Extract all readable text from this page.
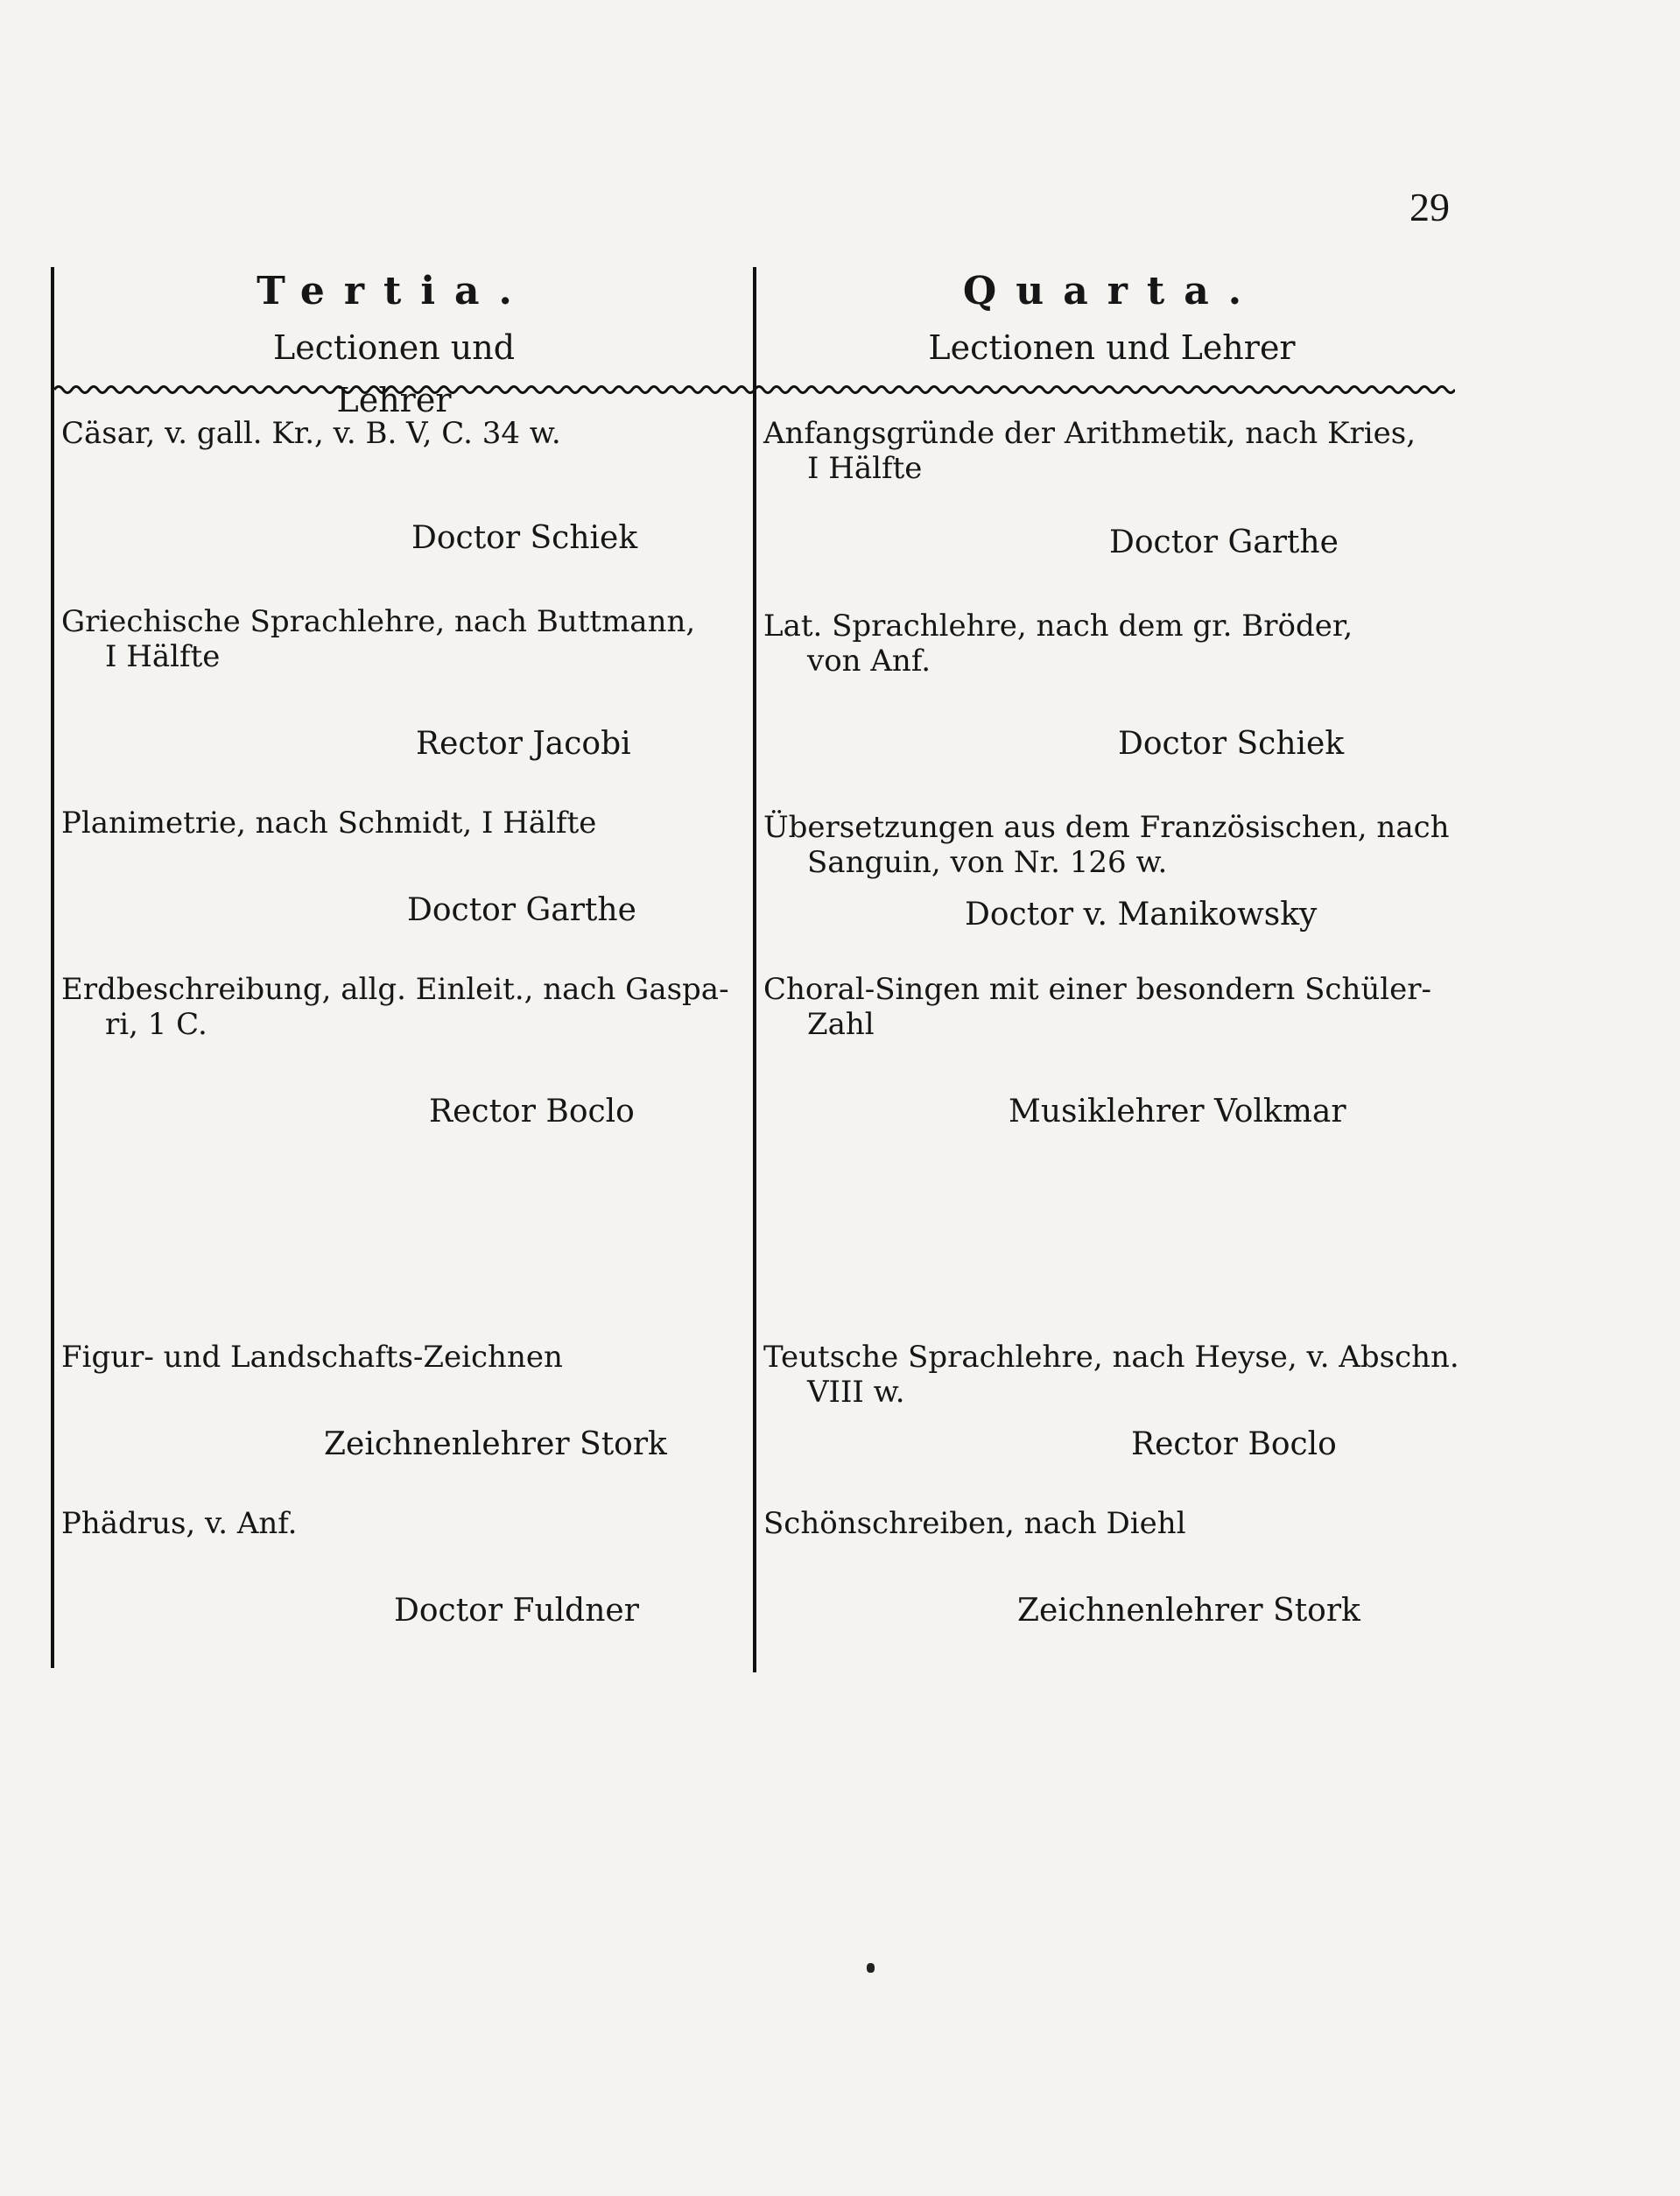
29
Tertia.
Lectionen und Lehrer
Quarta.
Lectionen und Lehrer
Cäsar, v. gall. Kr., v. B. V, C. 34 w.
Doctor Schiek
Griechische Sprachlehre, nach Buttmann,
I Hälfte
Rector Jacobi
Planimetrie, nach Schmidt, I Hälfte
Doctor Garthe
Erdbeschreibung, allg. Einleit., nach Gaspa-
ri, 1 C.
Rector Boclo
Figur- und Landschafts-Zeichnen
Zeichnenlehrer Stork
Phädrus, v. Anf.
Doctor Fuldner
Anfangsgründe der Arithmetik, nach Kries,
I Hälfte
Doctor Garthe
Lat. Sprachlehre, nach dem gr. Bröder,
von Anf.
Doctor Schiek
Übersetzungen aus dem Französischen, nach
Sanguin, von Nr. 126 w.
Doctor v. Manikowsky
Choral-Singen mit einer besondern Schüler-
Zahl
Musiklehrer Volkmar
Teutsche Sprachlehre, nach Heyse, v. Abschn.
VIII w.
Rector Boclo
Schönschreiben, nach Diehl
Zeichnenlehrer Stork
